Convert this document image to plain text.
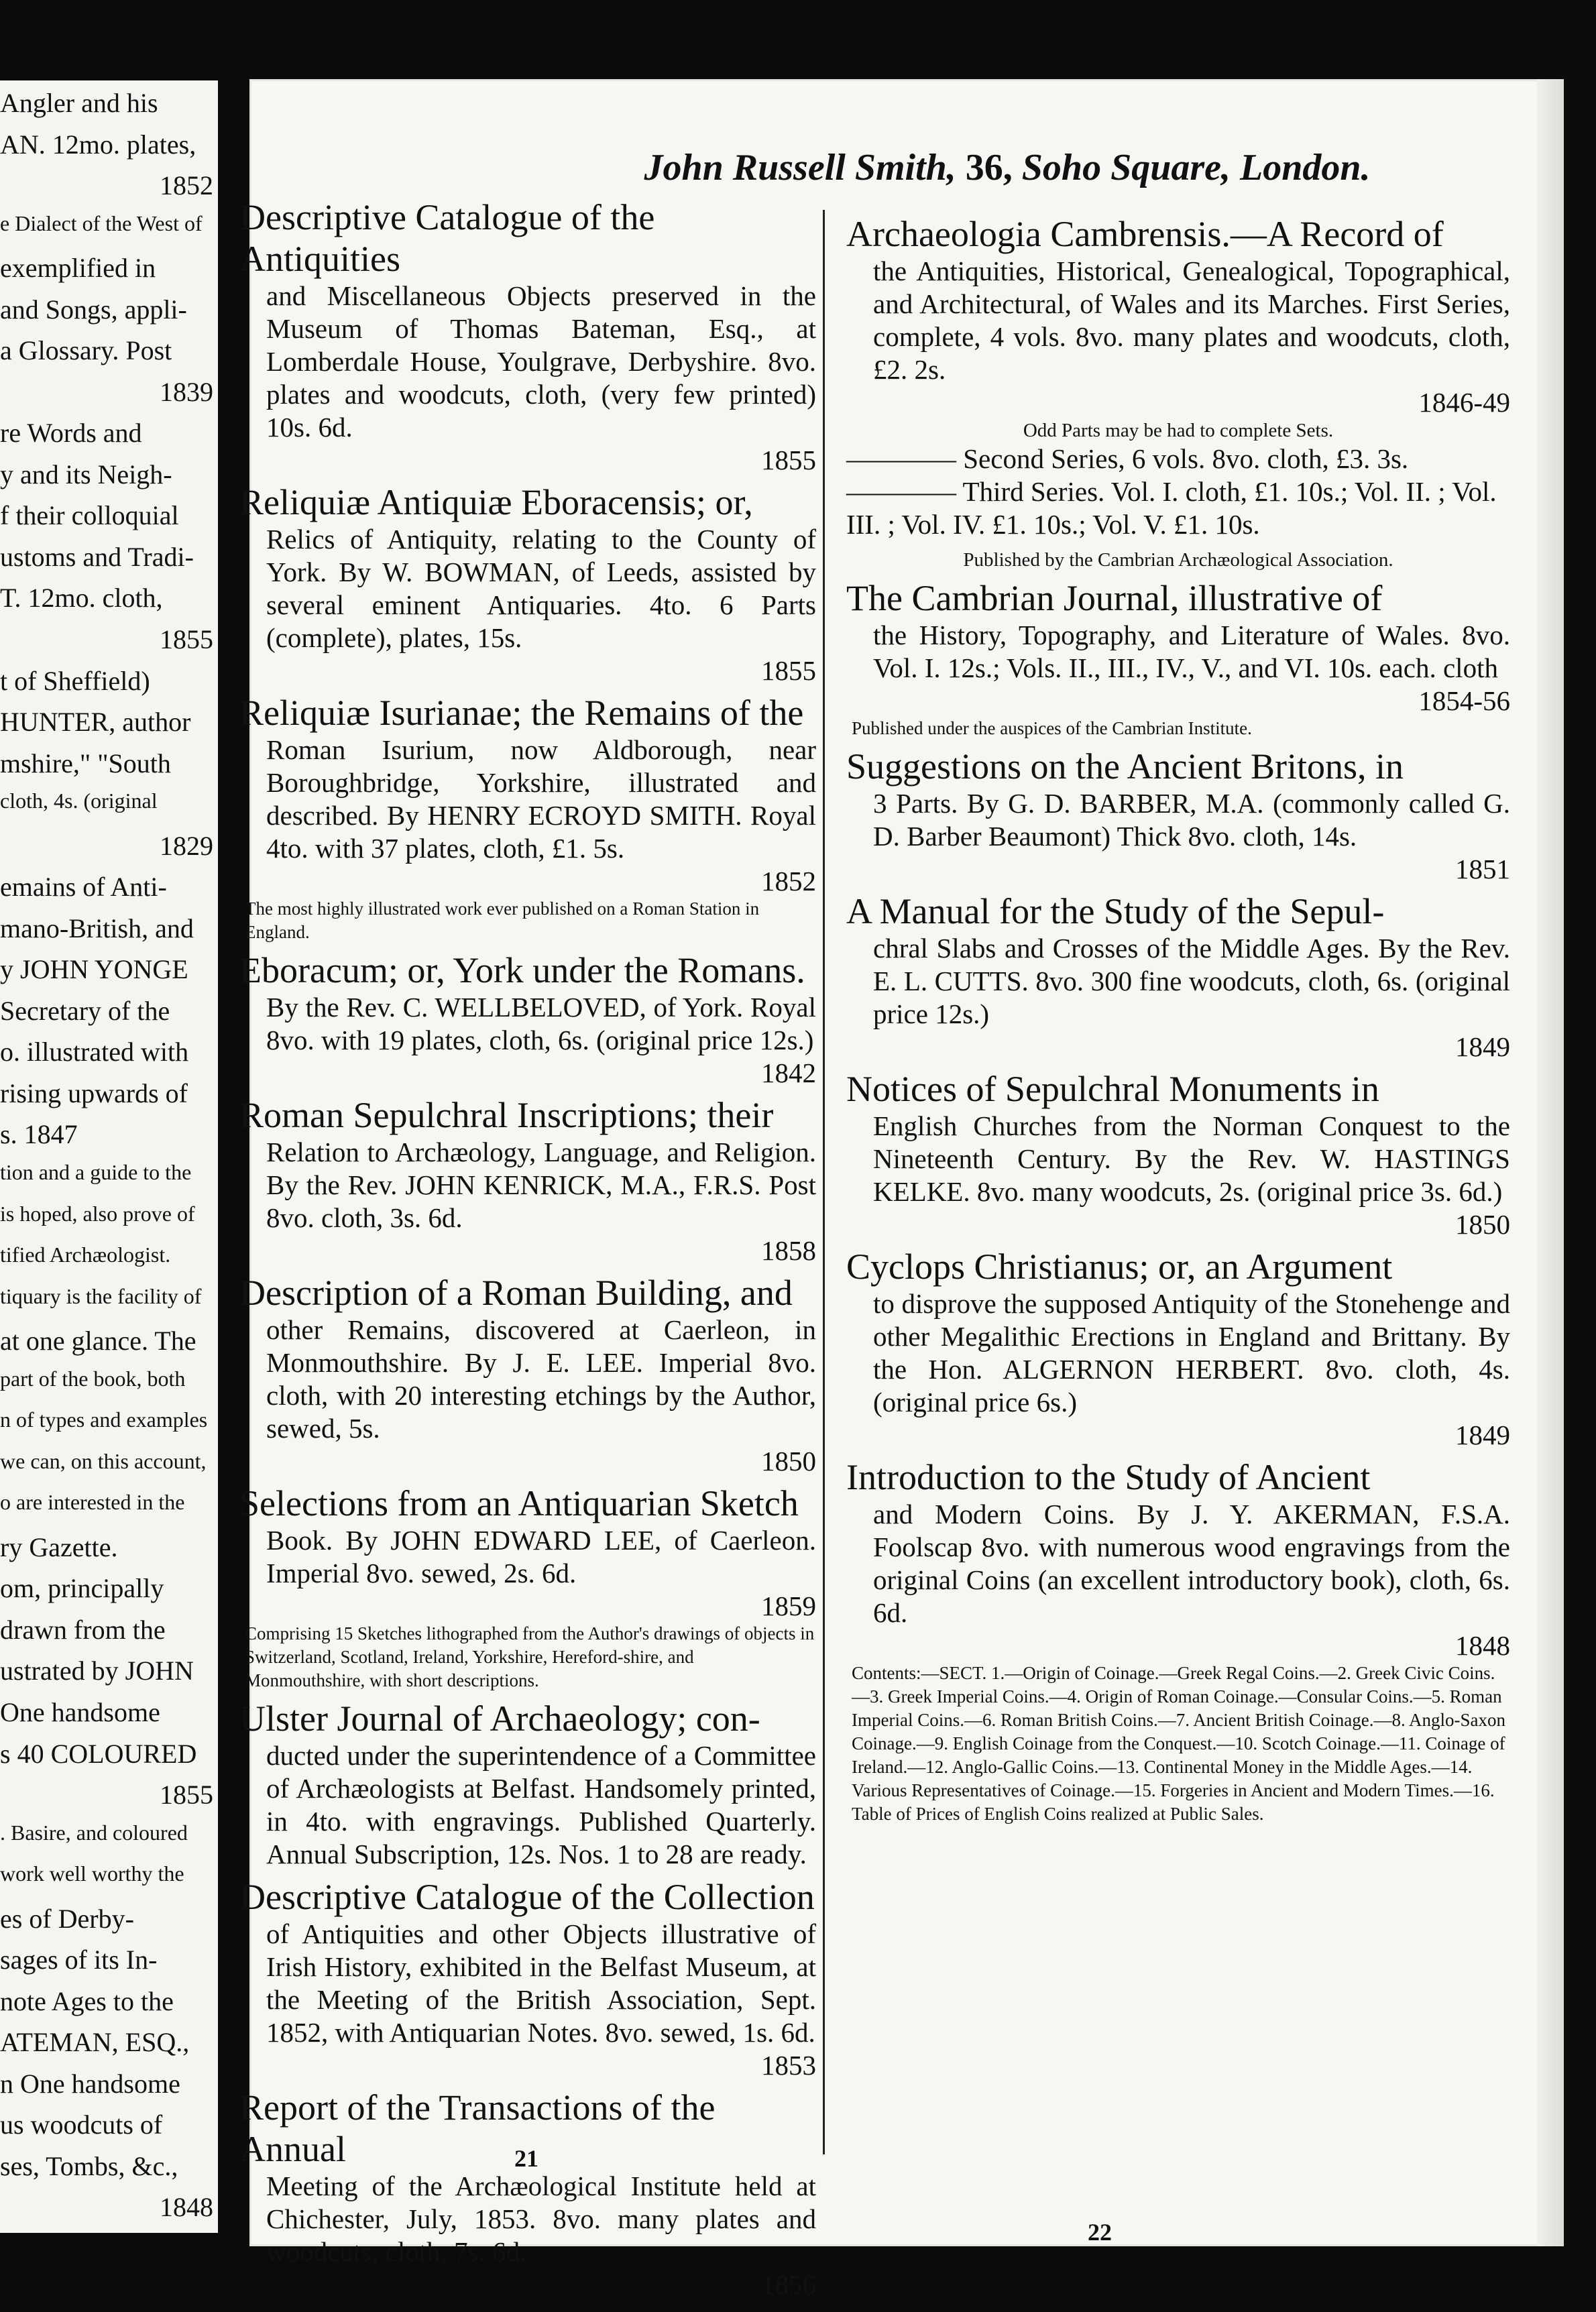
Angler and his
AN. 12mo. plates,
1852
e Dialect of the West of
exemplified in
and Songs, appli-
a Glossary. Post
1839
re Words and
y and its Neigh-
f their colloquial
ustoms and Tradi-
T. 12mo. cloth,
1855
t of Sheffield)
HUNTER, author
mshire," "South
cloth, 4s. (original
1829
emains of Anti-
mano-British, and
y JOHN YONGE
Secretary of the
o. illustrated with
rising upwards of
s. 1847
tion and a guide to the
is hoped, also prove of
tified Archæologist.
tiquary is the facility of
at one glance. The
part of the book, both
n of types and examples
we can, on this account,
o are interested in the
ry Gazette.
om, principally
drawn from the
ustrated by JOHN
One handsome
s 40 COLOURED
1855
. Basire, and coloured
work well worthy the
es of Derby-
sages of its In-
note Ages to the
ATEMAN, ESQ.,
n One handsome
us woodcuts of
ses, Tombs, &c.,
1848
John Russell Smith, 36, Soho Square, London.
Descriptive Catalogue of the Antiquities
and Miscellaneous Objects preserved in the Museum of Thomas Bateman, Esq., at Lomberdale House, Youlgrave, Derbyshire. 8vo. plates and woodcuts, cloth, (very few printed) 10s. 6d.
1855
Reliquiæ Antiquiæ Eboracensis; or,
Relics of Antiquity, relating to the County of York. By W. BOWMAN, of Leeds, assisted by several eminent Antiquaries. 4to. 6 Parts (complete), plates, 15s.
1855
Reliquiæ Isurianae; the Remains of the
Roman Isurium, now Aldborough, near Boroughbridge, Yorkshire, illustrated and described. By HENRY ECROYD SMITH. Royal 4to. with 37 plates, cloth, £1. 5s.
1852
The most highly illustrated work ever published on a Roman Station in England.
Eboracum; or, York under the Romans.
By the Rev. C. WELLBELOVED, of York. Royal 8vo. with 19 plates, cloth, 6s. (original price 12s.)
1842
Roman Sepulchral Inscriptions; their
Relation to Archæology, Language, and Religion. By the Rev. JOHN KENRICK, M.A., F.R.S. Post 8vo. cloth, 3s. 6d.
1858
Description of a Roman Building, and
other Remains, discovered at Caerleon, in Monmouthshire. By J. E. LEE. Imperial 8vo. cloth, with 20 interesting etchings by the Author, sewed, 5s.
1850
Selections from an Antiquarian Sketch
Book. By JOHN EDWARD LEE, of Caerleon. Imperial 8vo. sewed, 2s. 6d.
1859
Comprising 15 Sketches lithographed from the Author's drawings of objects in Switzerland, Scotland, Ireland, Yorkshire, Hereford-shire, and Monmouthshire, with short descriptions.
Ulster Journal of Archaeology; con-
ducted under the superintendence of a Committee of Archæologists at Belfast. Handsomely printed, in 4to. with engravings. Published Quarterly. Annual Subscription, 12s. Nos. 1 to 28 are ready.
Descriptive Catalogue of the Collection
of Antiquities and other Objects illustrative of Irish History, exhibited in the Belfast Museum, at the Meeting of the British Association, Sept. 1852, with Antiquarian Notes. 8vo. sewed, 1s. 6d.
1853
Report of the Transactions of the Annual
Meeting of the Archæological Institute held at Chichester, July, 1853. 8vo. many plates and woodcuts, cloth, 7s. 6d.
1856
21
Archaeologia Cambrensis.—A Record of
the Antiquities, Historical, Genealogical, Topographical, and Architectural, of Wales and its Marches. First Series, complete, 4 vols. 8vo. many plates and woodcuts, cloth, £2. 2s.
1846-49
Odd Parts may be had to complete Sets.
———— Second Series, 6 vols. 8vo. cloth, £3. 3s.
———— Third Series. Vol. I. cloth, £1. 10s.; Vol. II. ; Vol. III. ; Vol. IV. £1. 10s.; Vol. V. £1. 10s.
Published by the Cambrian Archæological Association.
The Cambrian Journal, illustrative of
the History, Topography, and Literature of Wales. 8vo. Vol. I. 12s.; Vols. II., III., IV., V., and VI. 10s. each. cloth
1854-56
Published under the auspices of the Cambrian Institute.
Suggestions on the Ancient Britons, in
3 Parts. By G. D. BARBER, M.A. (commonly called G. D. Barber Beaumont) Thick 8vo. cloth, 14s.
1851
A Manual for the Study of the Sepul-
chral Slabs and Crosses of the Middle Ages. By the Rev. E. L. CUTTS. 8vo. 300 fine woodcuts, cloth, 6s. (original price 12s.)
1849
Notices of Sepulchral Monuments in
English Churches from the Norman Conquest to the Nineteenth Century. By the Rev. W. HASTINGS KELKE. 8vo. many woodcuts, 2s. (original price 3s. 6d.)
1850
Cyclops Christianus; or, an Argument
to disprove the supposed Antiquity of the Stonehenge and other Megalithic Erections in England and Brittany. By the Hon. ALGERNON HERBERT. 8vo. cloth, 4s. (original price 6s.)
1849
Introduction to the Study of Ancient
and Modern Coins. By J. Y. AKERMAN, F.S.A. Foolscap 8vo. with numerous wood engravings from the original Coins (an excellent introductory book), cloth, 6s. 6d.
1848
Contents:—SECT. 1.—Origin of Coinage.—Greek Regal Coins.—2. Greek Civic Coins.—3. Greek Imperial Coins.—4. Origin of Roman Coinage.—Consular Coins.—5. Roman Imperial Coins.—6. Roman British Coins.—7. Ancient British Coinage.—8. Anglo-Saxon Coinage.—9. English Coinage from the Conquest.—10. Scotch Coinage.—11. Coinage of Ireland.—12. Anglo-Gallic Coins.—13. Continental Money in the Middle Ages.—14. Various Representatives of Coinage.—15. Forgeries in Ancient and Modern Times.—16. Table of Prices of English Coins realized at Public Sales.
22
